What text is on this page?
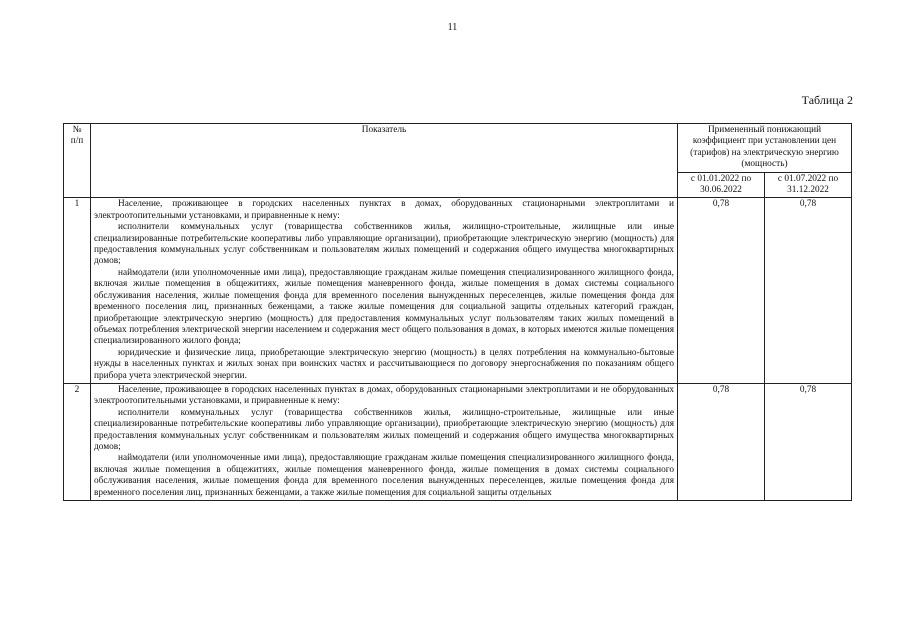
11
Таблица 2
№
п/п	Показатель	Примененный понижающий коэффициент при установлении цен (тарифов) на электрическую энергию (мощность)	
		с 01.01.2022 по 30.06.2022	с 01.07.2022 по 31.12.2022
1	Население, проживающее в городских населенных пунктах в домах, оборудованных стационарными электроплитами и электроотопительными установками, и приравненные к нему:

исполнители коммунальных услуг (товарищества собственников жилья, жилищно-строительные, жилищные или иные специализированные потребительские кооперативы либо управляющие организации), приобретающие электрическую энергию (мощность) для предоставления коммунальных услуг собственникам и пользователям жилых помещений и содержания общего имущества многоквартирных домов;

наймодатели (или уполномоченные ими лица), предоставляющие гражданам жилые помещения специализированного жилищного фонда, включая жилые помещения в общежитиях, жилые помещения маневренного фонда, жилые помещения в домах системы социального обслуживания населения, жилые помещения фонда для временного поселения вынужденных переселенцев, жилые помещения фонда для временного поселения лиц, признанных беженцами, а также жилые помещения для социальной защиты отдельных категорий граждан, приобретающие электрическую энергию (мощность) для предоставления коммунальных услуг пользователям таких жилых помещений в объемах потребления электрической энергии населением и содержания мест общего пользования в домах, в которых имеются жилые помещения специализированного жилого фонда;

юридические и физические лица, приобретающие электрическую энергию (мощность) в целях потребления на коммунально-бытовые нужды в населенных пунктах и жилых зонах при воинских частях и рассчитывающиеся по договору энергоснабжения по показаниям общего прибора учета электрической энергии.	0,78	0,78
2	Население, проживающее в городских населенных пунктах в домах, оборудованных стационарными электроплитами и не оборудованных электроотопительными установками, и приравненные к нему:

исполнители коммунальных услуг (товарищества собственников жилья, жилищно-строительные, жилищные или иные специализированные потребительские кооперативы либо управляющие организации), приобретающие электрическую энергию (мощность) для предоставления коммунальных услуг собственникам и пользователям жилых помещений и содержания общего имущества многоквартирных домов;

наймодатели (или уполномоченные ими лица), предоставляющие гражданам жилые помещения специализированного жилищного фонда, включая жилые помещения в общежитиях, жилые помещения маневренного фонда, жилые помещения в домах системы социального обслуживания населения, жилые помещения фонда для временного поселения вынужденных переселенцев, жилые помещения фонда для временного поселения лиц, признанных беженцами, а также жилые помещения для социальной защиты отдельных	0,78	0,78
